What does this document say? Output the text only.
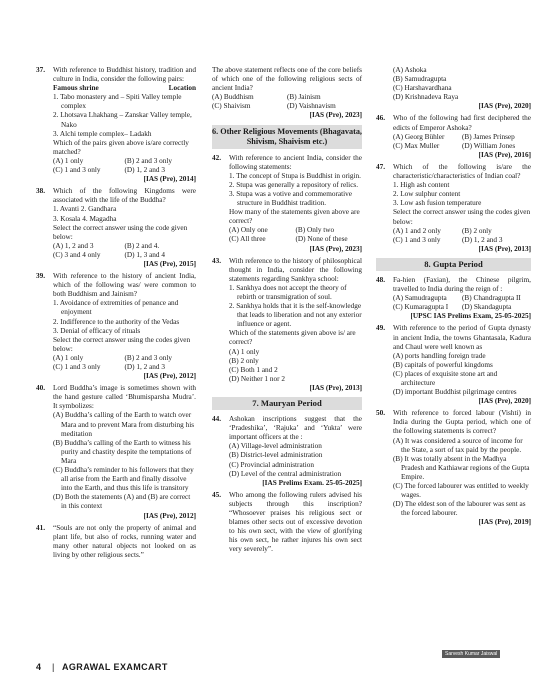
37.	With reference to Buddhist history, tradition and culture in India, consider the following pairs:
Famous shrine	Location
1. Tabo monastery and – Spiti Valley temple complex
2. Lhotsava Lhakhang – Zanskar Valley temple, Nako
3. Alchi temple complex– Ladakh
Which of the pairs given above is/are correctly matched?
(A) 1 only	(B) 2 and 3 only
(C) 1 and 3 only	(D) 1, 2 and 3
[IAS (Pre), 2014]
38.	Which of the following Kingdoms were associated with the life of the Buddha?
1. Avanti 2. Gandhara
3. Kosala 4. Magadha
Select the correct answer using the code given below:
(A) 1, 2 and 3	(B) 2 and 4.
(C) 3 and 4 only	(D) 1, 3 and 4
[IAS (Pre), 2015]
39.	With reference to the history of ancient India, which of the following was/ were common to both Buddhism and Jainism?
1. Avoidance of extremities of penance and enjoyment
2. Indifference to the authority of the Vedas
3. Denial of efficacy of rituals
Select the correct answer using the codes given below:
(A) 1 only	(B) 2 and 3 only
(C) 1 and 3 only	(D) 1, 2 and 3
[IAS (Pre), 2012]
40.	Lord Buddha’s image is sometimes shown with the hand gesture called ‘Bhumisparsha Mudra’. It symbolizes:
(A) Buddha’s calling of the Earth to watch over Mara and to prevent Mara from disturbing his meditation
(B) Buddha’s calling of the Earth to witness his purity and chastity despite the temptations of Mara
(C) Buddha’s reminder to his followers that they all arise from the Earth and finally dissolve into the Earth, and thus this life is transitory
(D) Both the statements (A) and (B) are correct in this context
[IAS (Pre), 2012]
41.	“Souls are not only the property of animal and plant life, but also of rocks, running water and many other natural objects not looked on as living by other religious sects.”
The above statement reflects one of the core beliefs of which one of the following religious sects of ancient India?
(A) Buddhism	(B) Jainism
(C) Shaivism	(D) Vaishnavism
[IAS (Pre), 2023]
6. Other Religious Movements (Bhagavata, Shivism, Shaivism etc.)
42.	With reference to ancient India, consider the following statements:
1. The concept of Stupa is Buddhist in origin.
2. Stupa was generally a repository of relics.
3. Stupa was a votive and commemorative structure in Buddhist tradition.
How many of the statements given above are correct?
(A) Only one	(B) Only two
(C) All three	(D) None of these
[IAS (Pre), 2023]
43.	With reference to the history of philosophical thought in India, consider the following statements regarding Sankhya school:
1. Sankhya does not accept the theory of rebirth or transmigration of soul.
2. Sankhya holds that it is the self-knowledge that leads to liberation and not any exterior influence or agent.
Which of the statements given above is/ are correct?
(A) 1 only
(B) 2 only
(C) Both 1 and 2
(D) Neither 1 nor 2
[IAS (Pre), 2013]
7. Mauryan Period
44.	Ashokan inscriptions suggest that the ‘Pradeshika’, ‘Rajuka’ and ‘Yukta’ were important officers at the :
(A) Village-level administration
(B) District-level administration
(C) Provincial administration
(D) Level of the central administration
[IAS Prelims Exam. 25-05-2025]
45.	Who among the following rulers advised his subjects through this inscription? “Whosoever praises his religious sect or blames other sects out of excessive devotion to his own sect, with the view of glorifying his own sect, he rather injures his own sect very severely”.
(A) Ashoka
(B) Samudragupta
(C) Harshavardhana
(D) Krishnadeva Raya
[IAS (Pre), 2020]
46.	Who of the following had first deciphered the edicts of Emperor Ashoka?
(A) Georg Bühler	(B) James Prinsep
(C) Max Muller	(D) William Jones
[IAS (Pre), 2016]
47.	Which of the following is/are the characteristic/characteristics of Indian coal?
1. High ash content
2. Low sulphur content
3. Low ash fusion temperature
Select the correct answer using the codes given below:
(A) 1 and 2 only	(B) 2 only
(C) 1 and 3 only	(D) 1, 2 and 3
[IAS (Pre), 2013]
8. Gupta Period
48.	Fa-hien (Faxian), the Chinese pilgrim, travelled to India during the reign of :
(A) Samudragupta	(B) Chandragupta II
(C) Kumaragupta I	(D) Skandagupta
[UPSC IAS Prelims Exam, 25-05-2025]
49.	With reference to the period of Gupta dynasty in ancient India, the towns Ghantasala, Kadura and Chaul were well known as
(A) ports handling foreign trade
(B) capitals of powerful kingdoms
(C) places of exquisite stone art and architecture
(D) important Buddhist pilgrimage centres
[IAS (Pre), 2020]
50.	With reference to forced labour (Vishti) in India during the Gupta period, which one of the following statements is correct?
(A) It was considered a source of income for the State, a sort of tax paid by the people.
(B) It was totally absent in the Madhya Pradesh and Kathiawar regions of the Gupta Empire.
(C) The forced labourer was entitled to weekly wages.
(D) The eldest son of the labourer was sent as the forced labourer.
[IAS (Pre), 2019]
Sarvesh Kumar Jaiswal
4 | AGRAWAL EXAMCART
